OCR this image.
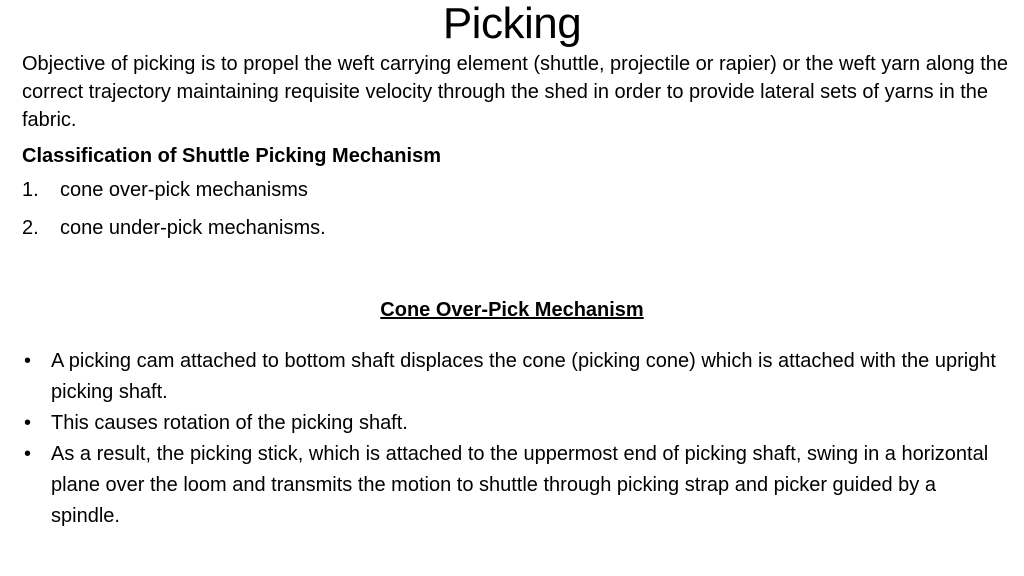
Picking

Objective of picking is to propel the weft carrying element (shuttle, projectile or rapier) or the weft yarn along the correct trajectory maintaining requisite velocity through the shed in order to provide lateral sets of yarns in the fabric.

Classification of Shuttle Picking Mechanism

1. cone over-pick mechanisms
2. cone under-pick mechanisms.
Cone Over-Pick Mechanism
• A picking cam attached to bottom shaft displaces the cone (picking cone) which is attached with the upright picking shaft.
• This causes rotation of the picking shaft.
• As a result, the picking stick, which is attached to the uppermost end of picking shaft, swing in a horizontal plane over the loom and transmits the motion to shuttle through picking strap and picker guided by a spindle.
